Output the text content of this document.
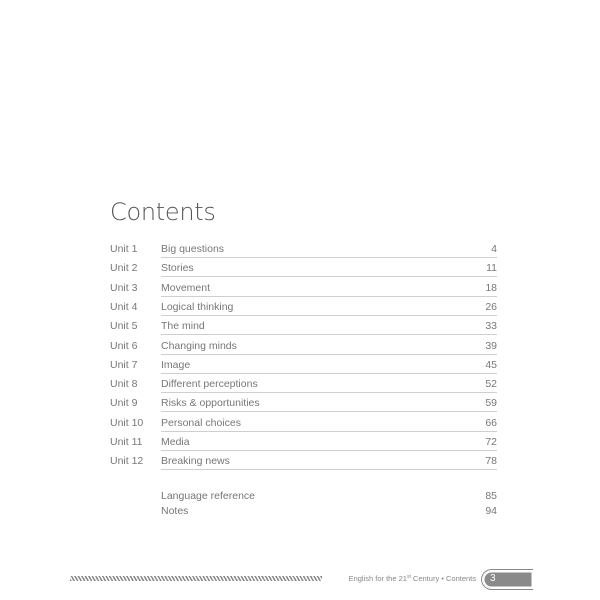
Contents
Unit 1 Big questions	4
Unit 2 Stories	11
Unit 3 Movement	18
Unit 4 Logical thinking	26
Unit 5 The mind	33
Unit 6 Changing minds	39
Unit 7 Image	45
Unit 8 Different perceptions	52
Unit 9 Risks & opportunities	59
Unit 10 Personal choices	66
Unit 11 Media	72
Unit 12 Breaking news	78
Language reference	85
Notes	94
English for the 21st Century • Contents 3
